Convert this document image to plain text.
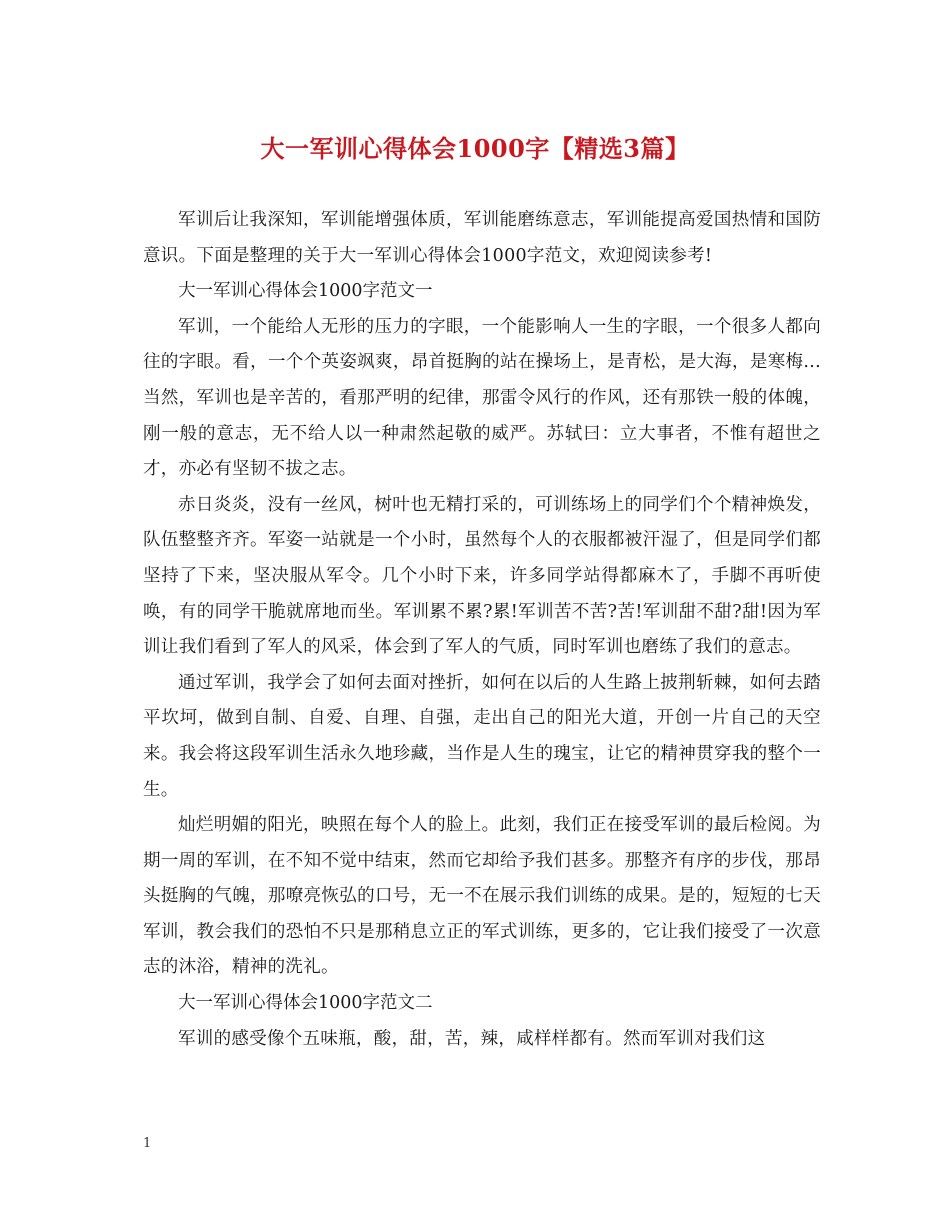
大一军训心得体会1000字【精选3篇】

军训后让我深知，军训能增强体质，军训能磨练意志，军训能提高爱国热情和国防意识。下面是整理的关于大一军训心得体会1000字范文，欢迎阅读参考!

大一军训心得体会1000字范文一

军训，一个能给人无形的压力的字眼，一个能影响人一生的字眼，一个很多人都向往的字眼。看，一个个英姿飒爽，昂首挺胸的站在操场上，是青松，是大海，是寒梅...当然，军训也是辛苦的，看那严明的纪律，那雷令风行的作风，还有那铁一般的体魄，刚一般的意志，无不给人以一种肃然起敬的威严。苏轼曰：立大事者，不惟有超世之才，亦必有坚韧不拔之志。

赤日炎炎，没有一丝风，树叶也无精打采的，可训练场上的同学们个个精神焕发，队伍整整齐齐。军姿一站就是一个小时，虽然每个人的衣服都被汗湿了，但是同学们都坚持了下来，坚决服从军令。几个小时下来，许多同学站得都麻木了，手脚不再听使唤，有的同学干脆就席地而坐。军训累不累?累!军训苦不苦?苦!军训甜不甜?甜!因为军训让我们看到了军人的风采，体会到了军人的气质，同时军训也磨练了我们的意志。

通过军训，我学会了如何去面对挫折，如何在以后的人生路上披荆斩棘，如何去踏平坎坷，做到自制、自爱、自理、自强，走出自己的阳光大道，开创一片自己的天空来。我会将这段军训生活永久地珍藏，当作是人生的瑰宝，让它的精神贯穿我的整个一生。

灿烂明媚的阳光，映照在每个人的脸上。此刻，我们正在接受军训的最后检阅。为期一周的军训，在不知不觉中结束，然而它却给予我们甚多。那整齐有序的步伐，那昂头挺胸的气魄，那嘹亮恢弘的口号，无一不在展示我们训练的成果。是的，短短的七天军训，教会我们的恐怕不只是那稍息立正的军式训练，更多的，它让我们接受了一次意志的沐浴，精神的洗礼。

大一军训心得体会1000字范文二

军训的感受像个五味瓶，酸，甜，苦，辣，咸样样都有。然而军训对我们这

1
